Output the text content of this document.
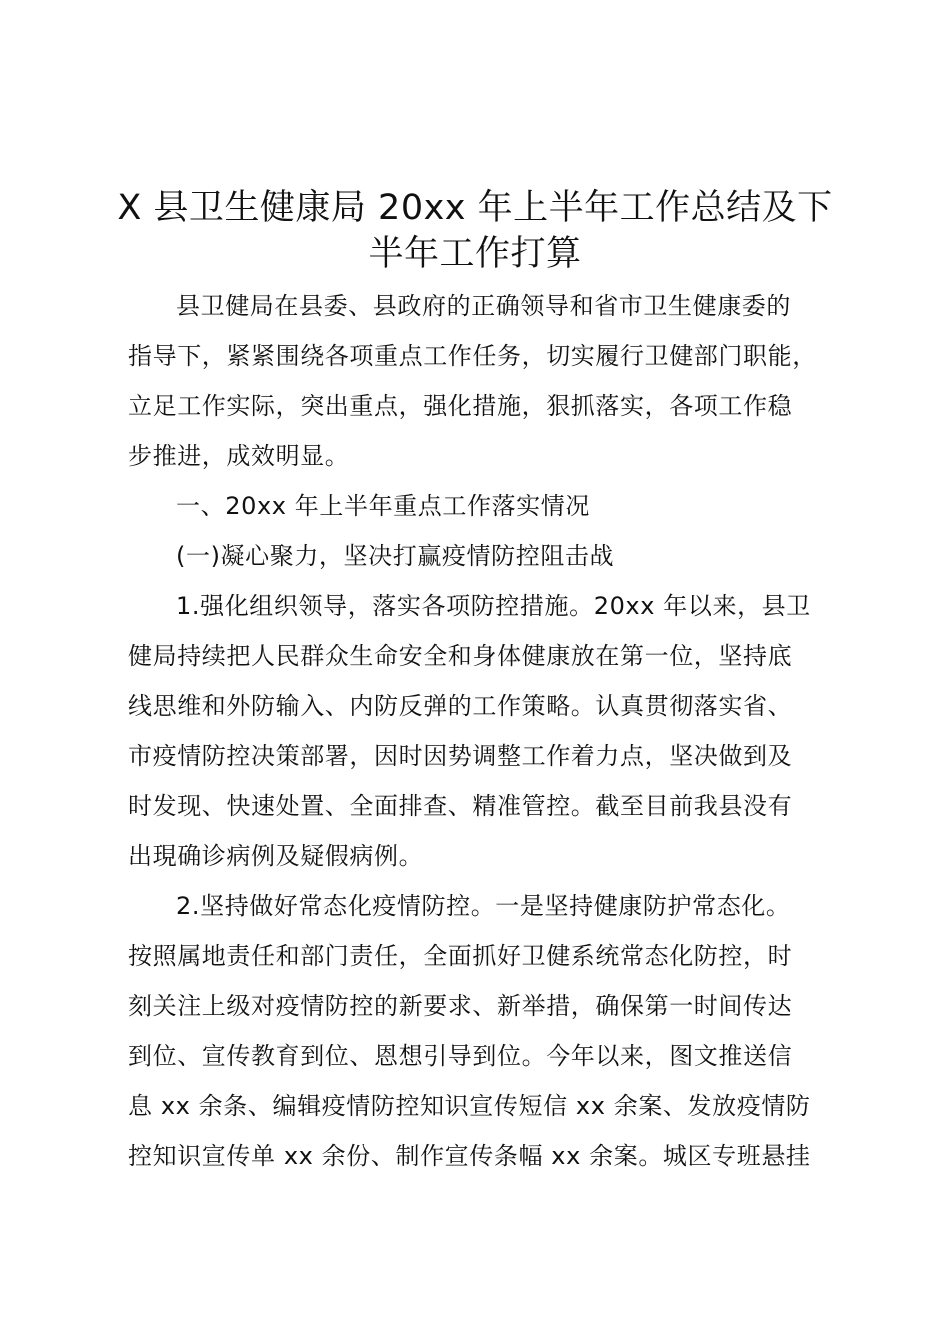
X 县卫生健康局 20xx 年上半年工作总结及下
半年工作打算
县卫健局在县委、县政府的正确领导和省市卫生健康委的
指导下，紧紧围绕各项重点工作任务，切实履行卫健部门职能，
立足工作实际，突出重点，强化措施，狠抓落实，各项工作稳
步推进，成效明显。
一、20xx 年上半年重点工作落实情况
(一)凝心聚力，坚决打赢疫情防控阻击战
1.强化组织领导，落实各项防控措施。20xx 年以来，县卫
健局持续把人民群众生命安全和身体健康放在第一位，坚持底
线思维和外防输入、内防反弹的工作策略。认真贯彻落实省、
市疫情防控决策部署，因时因势调整工作着力点，坚决做到及
时发现、快速处置、全面排查、精准管控。截至目前我县没有
出現确诊病例及疑假病例。
2.坚持做好常态化疫情防控。一是坚持健康防护常态化。
按照属地责任和部门责任，全面抓好卫健系统常态化防控，时
刻关注上级对疫情防控的新要求、新举措，确保第一时间传达
到位、宣传教育到位、恩想引导到位。今年以来，图文推送信
息 xx 余条、编辑疫情防控知识宣传短信 xx 余案、发放疫情防
控知识宣传单 xx 余份、制作宣传条幅 xx 余案。城区专班悬挂
